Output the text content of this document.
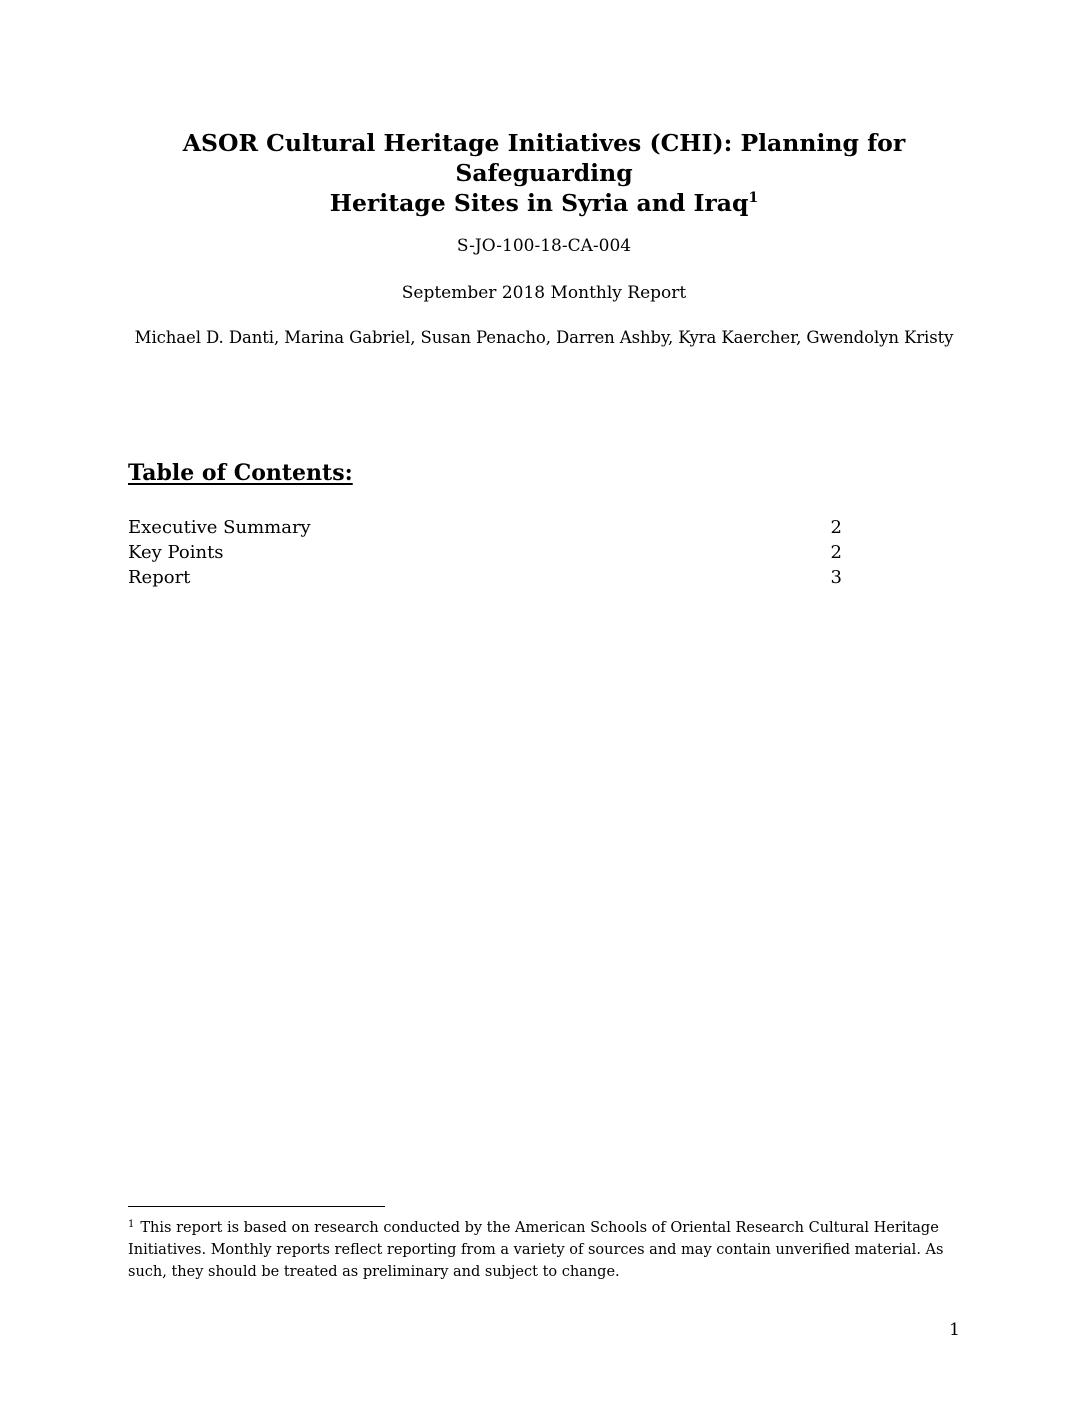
ASOR Cultural Heritage Initiatives (CHI): Planning for Safeguarding
Heritage Sites in Syria and Iraq$^1$
S-JO-100-18-CA-004
September 2018 Monthly Report
Michael D. Danti, Marina Gabriel, Susan Penacho, Darren Ashby, Kyra Kaercher, Gwendolyn Kristy
Table of Contents:
Executive Summary	2
Key Points	2
Report	3
$^1$ This report is based on research conducted by the American Schools of Oriental Research Cultural Heritage Initiatives. Monthly reports reflect reporting from a variety of sources and may contain unverified material. As such, they should be treated as preliminary and subject to change.
1
